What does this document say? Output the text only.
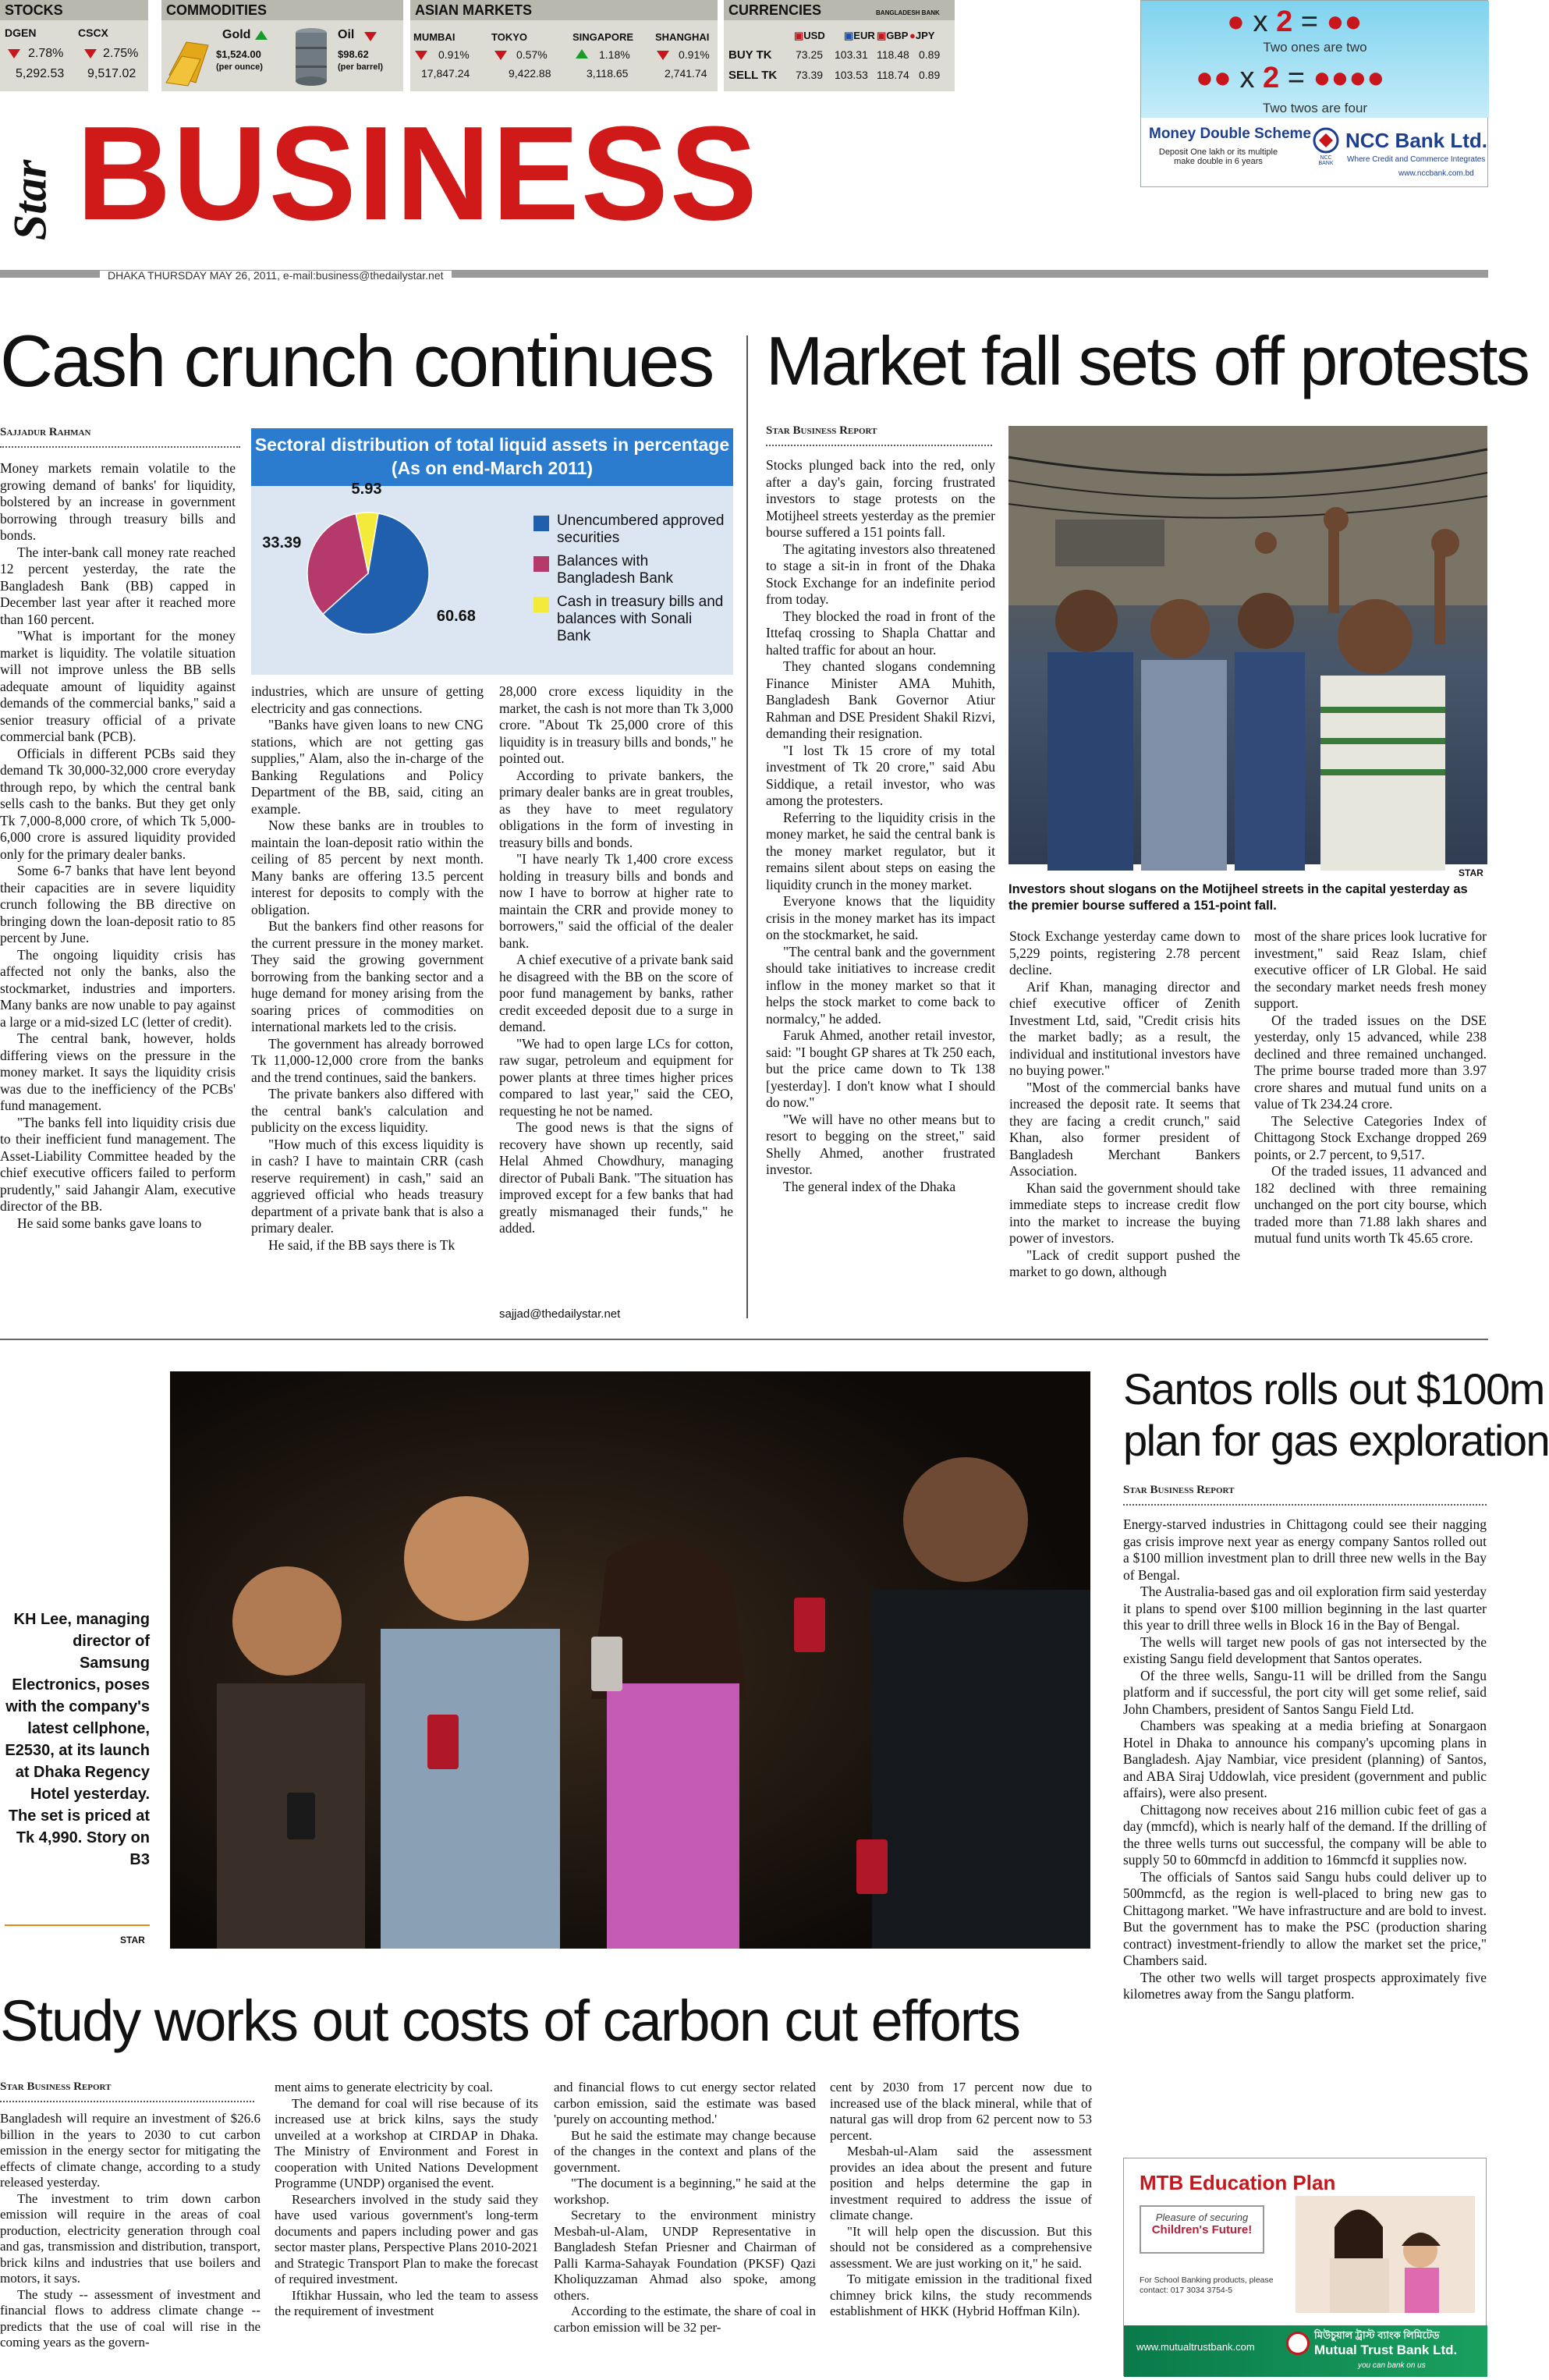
STOCKS
DGEN	CSCX
2.78%	2.75%
5,292.53 9,517.02
COMMODITIES
Gold
$1,524.00
(per ounce)
Oil
$98.62
(per barrel)
ASIAN MARKETS
MUMBAI	TOKYO	SINGAPORE SHANGHAI
0.91%	0.57%	1.18%	0.91%
17,847.24	9,422.88	3,118.65	2,741.74
CURRENCIES	BANGLADESH BANK
▣USD ▣EUR ▣GBP ●JPY
BUY TK 73.25 103.31 118.48 0.89
SELL TK 73.39 103.53 118.74 0.89
● x 2 = ●●
Two ones are two
●● x 2 = ●●●●
Two twos are four
Money Double Scheme
Deposit One lakh or its multiple make double in 6 years	NCC BANK
NCC Bank Ltd.
Where Credit and Commerce Integrates
www.nccbank.com.bd
Star BUSINESS
DHAKA THURSDAY MAY 26, 2011, e-mail:business@thedailystar.net
Cash crunch continues
Sajjadur Rahman

Money markets remain volatile to the growing demand of banks' for liquidity, bolstered by an increase in government borrowing through treasury bills and bonds.

The inter-bank call money rate reached 12 percent yesterday, the rate the Bangladesh Bank (BB) capped in December last year after it reached more than 160 percent.

"What is important for the money market is liquidity. The volatile situation will not improve unless the BB sells adequate amount of liquidity against demands of the commercial banks," said a senior treasury official of a private commercial bank (PCB).

Officials in different PCBs said they demand Tk 30,000-32,000 crore everyday through repo, by which the central bank sells cash to the banks. But they get only Tk 7,000-8,000 crore, of which Tk 5,000-6,000 crore is assured liquidity provided only for the primary dealer banks.

Some 6-7 banks that have lent beyond their capacities are in severe liquidity crunch following the BB directive on bringing down the loan-deposit ratio to 85 percent by June.

The ongoing liquidity crisis has affected not only the banks, also the stockmarket, industries and importers. Many banks are now unable to pay against a large or a mid-sized LC (letter of credit).

The central bank, however, holds differing views on the pressure in the money market. It says the liquidity crisis was due to the inefficiency of the PCBs' fund management.

"The banks fell into liquidity crisis due to their inefficient fund management. The Asset-Liability Committee headed by the chief executive officers failed to perform prudently," said Jahangir Alam, executive director of the BB.

He said some banks gave loans to

Sectoral distribution of total liquid assets in percentage
(As on end-March 2011)
60.68
33.39
5.93
Unencumbered approved securities
Balances with Bangladesh Bank
Cash in treasury bills and balances with Sonali Bank

industries, which are unsure of getting electricity and gas connections.

"Banks have given loans to new CNG stations, which are not getting gas supplies," Alam, also the in-charge of the Banking Regulations and Policy Department of the BB, said, citing an example.

Now these banks are in troubles to maintain the loan-deposit ratio within the ceiling of 85 percent by next month. Many banks are offering 13.5 percent interest for deposits to comply with the obligation.

But the bankers find other reasons for the current pressure in the money market. They said the growing government borrowing from the banking sector and a huge demand for money arising from the soaring prices of commodities on international markets led to the crisis.

The government has already borrowed Tk 11,000-12,000 crore from the banks and the trend continues, said the bankers.

The private bankers also differed with the central bank's calculation and publicity on the excess liquidity.

"How much of this excess liquidity is in cash? I have to maintain CRR (cash reserve requirement) in cash," said an aggrieved official who heads treasury department of a private bank that is also a primary dealer.

He said, if the BB says there is Tk

28,000 crore excess liquidity in the market, the cash is not more than Tk 3,000 crore. "About Tk 25,000 crore of this liquidity is in treasury bills and bonds," he pointed out.

According to private bankers, the primary dealer banks are in great troubles, as they have to meet regulatory obligations in the form of investing in treasury bills and bonds.

"I have nearly Tk 1,400 crore excess holding in treasury bills and bonds and now I have to borrow at higher rate to maintain the CRR and provide money to borrowers," said the official of the dealer bank.

A chief executive of a private bank said he disagreed with the BB on the score of poor fund management by banks, rather credit exceeded deposit due to a surge in demand.

"We had to open large LCs for cotton, raw sugar, petroleum and equipment for power plants at three times higher prices compared to last year," said the CEO, requesting he not be named.

The good news is that the signs of recovery have shown up recently, said Helal Ahmed Chowdhury, managing director of Pubali Bank. "The situation has improved except for a few banks that had greatly mismanaged their funds," he added.

sajjad@thedailystar.net
Market fall sets off protests
Star Business Report
STAR
Investors shout slogans on the Motijheel streets in the capital yesterday as the premier bourse suffered a 151-point fall.

Stocks plunged back into the red, only after a day's gain, forcing frustrated investors to stage protests on the Motijheel streets yesterday as the premier bourse suffered a 151 points fall.

The agitating investors also threatened to stage a sit-in in front of the Dhaka Stock Exchange for an indefinite period from today.

They blocked the road in front of the Ittefaq crossing to Shapla Chattar and halted traffic for about an hour.

They chanted slogans condemning Finance Minister AMA Muhith, Bangladesh Bank Governor Atiur Rahman and DSE President Shakil Rizvi, demanding their resignation.

"I lost Tk 15 crore of my total investment of Tk 20 crore," said Abu Siddique, a retail investor, who was among the protesters.

Referring to the liquidity crisis in the money market, he said the central bank is the money market regulator, but it remains silent about steps on easing the liquidity crunch in the money market.

Everyone knows that the liquidity crisis in the money market has its impact on the stockmarket, he said.

"The central bank and the government should take initiatives to increase credit inflow in the money market so that it helps the stock market to come back to normalcy," he added.

Faruk Ahmed, another retail investor, said: "I bought GP shares at Tk 250 each, but the price came down to Tk 138 [yesterday]. I don't know what I should do now."

"We will have no other means but to resort to begging on the street," said Shelly Ahmed, another frustrated investor.

The general index of the Dhaka

Stock Exchange yesterday came down to 5,229 points, registering 2.78 percent decline.

Arif Khan, managing director and chief executive officer of Zenith Investment Ltd, said, "Credit crisis hits the market badly; as a result, the individual and institutional investors have no buying power."

"Most of the commercial banks have increased the deposit rate. It seems that they are facing a credit crunch," said Khan, also former president of Bangladesh Merchant Bankers Association.

Khan said the government should take immediate steps to increase credit flow into the market to increase the buying power of investors.

"Lack of credit support pushed the market to go down, although

most of the share prices look lucrative for investment," said Reaz Islam, chief executive officer of LR Global. He said the secondary market needs fresh money support.

Of the traded issues on the DSE yesterday, only 15 advanced, while 238 declined and three remained unchanged. The prime bourse traded more than 3.97 crore shares and mutual fund units on a value of Tk 234.24 crore.

The Selective Categories Index of Chittagong Stock Exchange dropped 269 points, or 2.7 percent, to 9,517.

Of the traded issues, 11 advanced and 182 declined with three remaining unchanged on the port city bourse, which traded more than 71.88 lakh shares and mutual fund units worth Tk 45.65 crore.

KH Lee, managing director of Samsung Electronics, poses with the company's latest cellphone, E2530, at its launch at Dhaka Regency Hotel yesterday. The set is priced at Tk 4,990. Story on B3
STAR
Santos rolls out $100m
plan for gas exploration
Star Business Report

Energy-starved industries in Chittagong could see their nagging gas crisis improve next year as energy company Santos rolled out a $100 million investment plan to drill three new wells in the Bay of Bengal.

The Australia-based gas and oil exploration firm said yesterday it plans to spend over $100 million beginning in the last quarter this year to drill three wells in Block 16 in the Bay of Bengal.

The wells will target new pools of gas not intersected by the existing Sangu field development that Santos operates.

Of the three wells, Sangu-11 will be drilled from the Sangu platform and if successful, the port city will get some relief, said John Chambers, president of Santos Sangu Field Ltd.

Chambers was speaking at a media briefing at Sonargaon Hotel in Dhaka to announce his company's upcoming plans in Bangladesh. Ajay Nambiar, vice president (planning) of Santos, and ABA Siraj Uddowlah, vice president (government and public affairs), were also present.

Chittagong now receives about 216 million cubic feet of gas a day (mmcfd), which is nearly half of the demand. If the drilling of the three wells turns out successful, the company will be able to supply 50 to 60mmcfd in addition to 16mmcfd it supplies now.

The officials of Santos said Sangu hubs could deliver up to 500mmcfd, as the region is well-placed to bring new gas to Chittagong market. "We have infrastructure and are bold to invest. But the government has to make the PSC (production sharing contract) investment-friendly to allow the market set the price," Chambers said.

The other two wells will target prospects approximately five kilometres away from the Sangu platform.

Study works out costs of carbon cut efforts
Star Business Report

Bangladesh will require an investment of $26.6 billion in the years to 2030 to cut carbon emission in the energy sector for mitigating the effects of climate change, according to a study released yesterday.

The investment to trim down carbon emission will require in the areas of coal production, electricity generation through coal and gas, transmission and distribution, transport, brick kilns and industries that use boilers and motors, it says.

The study -- assessment of investment and financial flows to address climate change -- predicts that the use of coal will rise in the coming years as the govern-

ment aims to generate electricity by coal.

The demand for coal will rise because of its increased use at brick kilns, says the study unveiled at a workshop at CIRDAP in Dhaka. The Ministry of Environment and Forest in cooperation with United Nations Development Programme (UNDP) organised the event.

Researchers involved in the study said they have used various government's long-term documents and papers including power and gas sector master plans, Perspective Plans 2010-2021 and Strategic Transport Plan to make the forecast of required investment.

Iftikhar Hussain, who led the team to assess the requirement of investment

and financial flows to cut energy sector related carbon emission, said the estimate was based 'purely on accounting method.'

But he said the estimate may change because of the changes in the context and plans of the government.

"The document is a beginning," he said at the workshop.

Secretary to the environment ministry Mesbah-ul-Alam, UNDP Representative in Bangladesh Stefan Priesner and Chairman of Palli Karma-Sahayak Foundation (PKSF) Qazi Kholiquzzaman Ahmad also spoke, among others.

According to the estimate, the share of coal in carbon emission will be 32 per-

cent by 2030 from 17 percent now due to increased use of the black mineral, while that of natural gas will drop from 62 percent now to 53 percent.

Mesbah-ul-Alam said the assessment provides an idea about the present and future position and helps determine the gap in investment required to address the issue of climate change.

"It will help open the discussion. But this should not be considered as a comprehensive assessment. We are just working on it," he said.

To mitigate emission in the traditional fixed chimney brick kilns, the study recommends establishment of HKK (Hybrid Hoffman Kiln).

MTB Education Plan
Pleasure of securing
Children's Future!
For School Banking products, please contact: 017 3034 3754-5
www.mutualtrustbank.com
মিউচুয়াল ট্রাস্ট ব্যাংক লিমিটেড
Mutual Trust Bank Ltd.
you can bank on us
